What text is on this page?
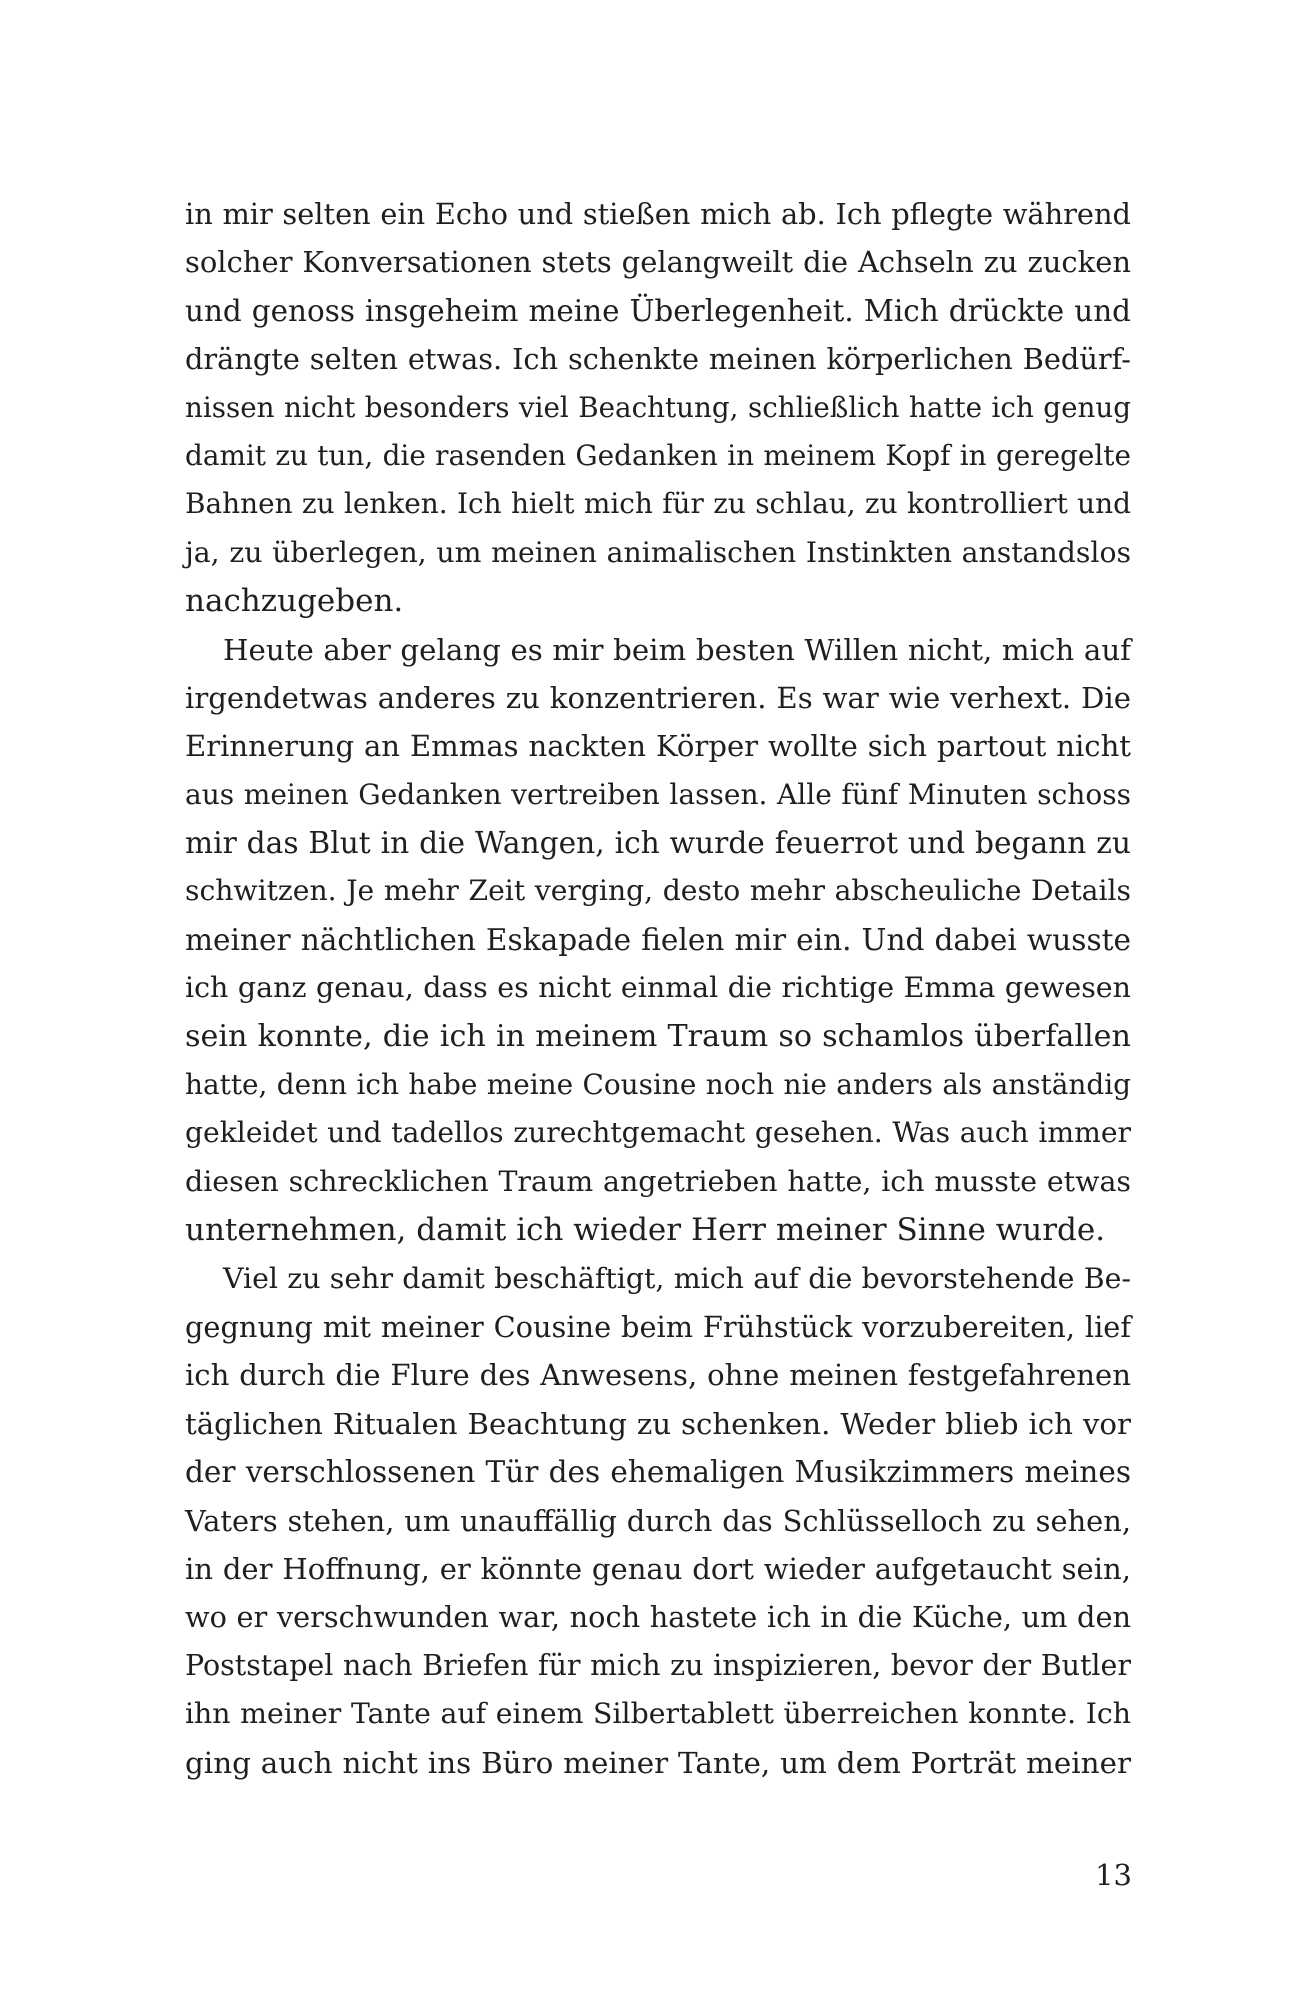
in mir selten ein Echo und stießen mich ab. Ich pflegte während
solcher Konversationen stets gelangweilt die Achseln zu zucken
und genoss insgeheim meine Überlegenheit. Mich drückte und
drängte selten etwas. Ich schenkte meinen körperlichen Bedürf-
nissen nicht besonders viel Beachtung, schließlich hatte ich genug
damit zu tun, die rasenden Gedanken in meinem Kopf in geregelte
Bahnen zu lenken. Ich hielt mich für zu schlau, zu kontrolliert und
ja, zu überlegen, um meinen animalischen Instinkten anstandslos
nachzugeben.
Heute aber gelang es mir beim besten Willen nicht, mich auf
irgendetwas anderes zu konzentrieren. Es war wie verhext. Die
Erinnerung an Emmas nackten Körper wollte sich partout nicht
aus meinen Gedanken vertreiben lassen. Alle fünf Minuten schoss
mir das Blut in die Wangen, ich wurde feuerrot und begann zu
schwitzen. Je mehr Zeit verging, desto mehr abscheuliche Details
meiner nächtlichen Eskapade fielen mir ein. Und dabei wusste
ich ganz genau, dass es nicht einmal die richtige Emma gewesen
sein konnte, die ich in meinem Traum so schamlos überfallen
hatte, denn ich habe meine Cousine noch nie anders als anständig
gekleidet und tadellos zurechtgemacht gesehen. Was auch immer
diesen schrecklichen Traum angetrieben hatte, ich musste etwas
unternehmen, damit ich wieder Herr meiner Sinne wurde.
Viel zu sehr damit beschäftigt, mich auf die bevorstehende Be-
gegnung mit meiner Cousine beim Frühstück vorzubereiten, lief
ich durch die Flure des Anwesens, ohne meinen festgefahrenen
täglichen Ritualen Beachtung zu schenken. Weder blieb ich vor
der verschlossenen Tür des ehemaligen Musikzimmers meines
Vaters stehen, um unauffällig durch das Schlüsselloch zu sehen,
in der Hoffnung, er könnte genau dort wieder aufgetaucht sein,
wo er verschwunden war, noch hastete ich in die Küche, um den
Poststapel nach Briefen für mich zu inspizieren, bevor der Butler
ihn meiner Tante auf einem Silbertablett überreichen konnte. Ich
ging auch nicht ins Büro meiner Tante, um dem Porträt meiner
13
